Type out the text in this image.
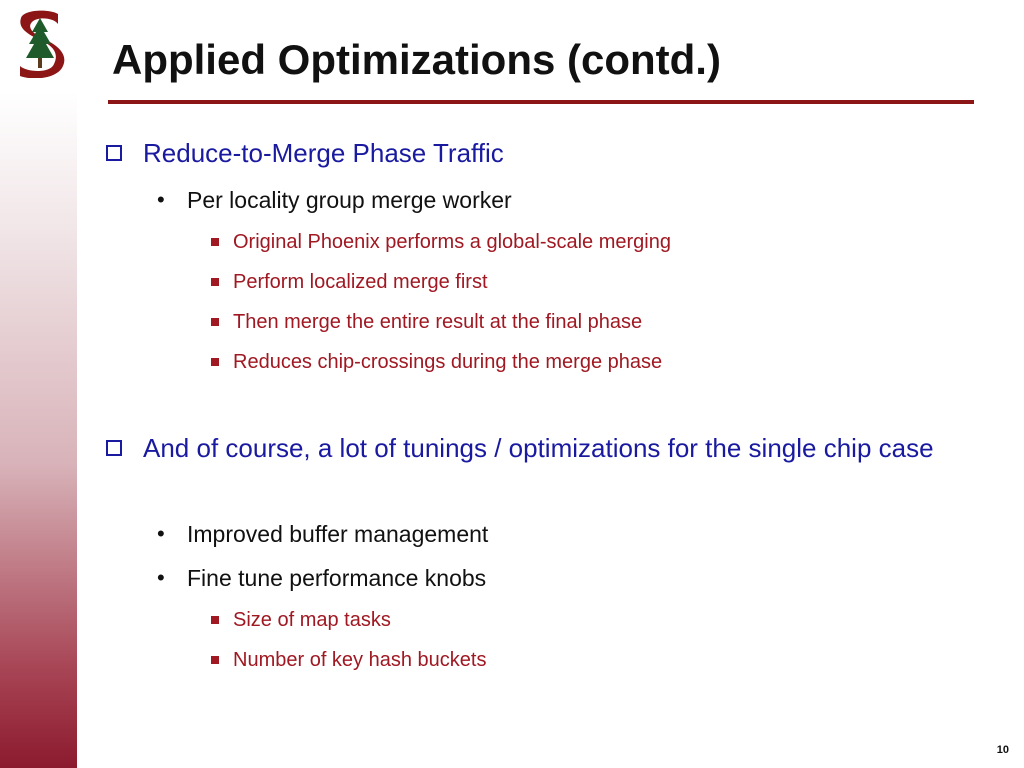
Applied Optimizations (contd.)
Reduce-to-Merge Phase Traffic
• Per locality group merge worker
Original Phoenix performs a global-scale merging
Perform localized merge first
Then merge the entire result at the final phase
Reduces chip-crossings during the merge phase
And of course, a lot of tunings / optimizations for the single chip case
• Improved buffer management
• Fine tune performance knobs
Size of map tasks
Number of key hash buckets
10
